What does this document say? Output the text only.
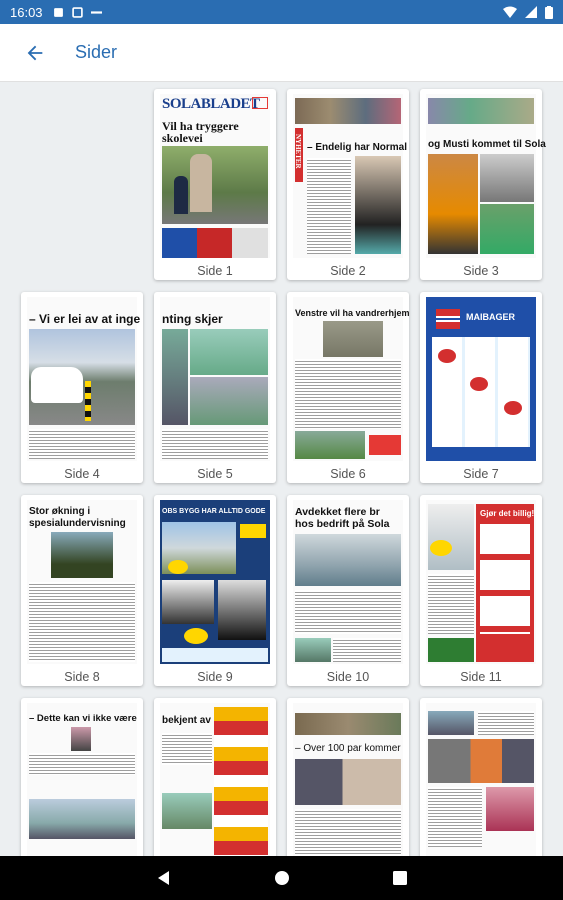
16:03
Sider
SOLABLADET
Vil ha tryggere skolevei
Side 1
– Endelig har Normal
NYHETER
Side 2
og Musti kommet til Sola
Side 3
– Vi er lei av at inge
Side 4
nting skjer
Side 5
Venstre vil ha vandrerhjem
Side 6
MAIBAGER
Side 7
Stor økning i spesialundervisning
Side 8
OBS BYGG HAR ALLTID GODE
Side 9
Avdekket flere br hos bedrift på Sola
Side 10
Gjør det billig!
Side 11
– Dette kan vi ikke være	bekjent av
– Over 100 par kommer
